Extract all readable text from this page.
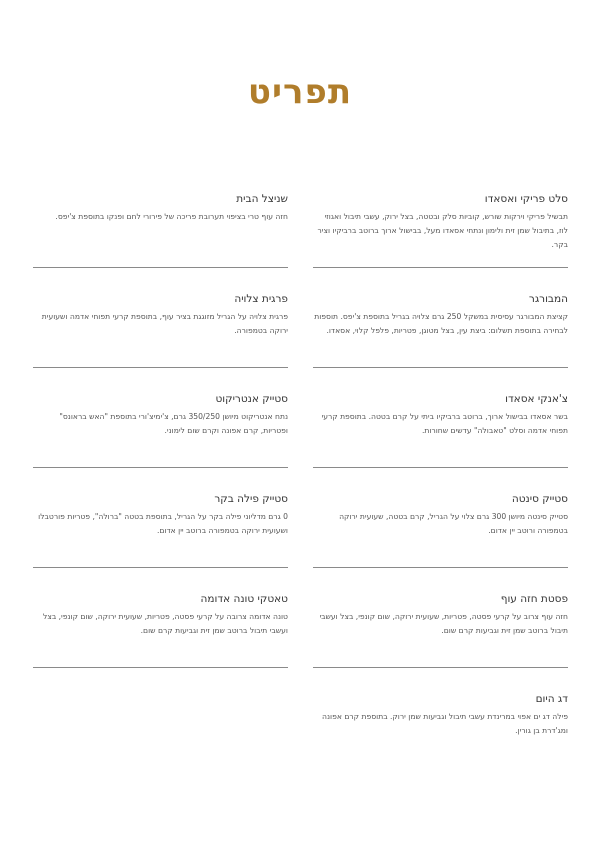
תפריט
סלט פריקי ואסאדו
תבשיל פריקי וירקות שורש, קוביות סלק ובטטה, בצל ירוק, עשבי תיבול ואגוזי לוז, בתיבול שמן זית ולימון ונתחי אסאדו מעל, בבישול ארוך ברוטב ברביקיו וציר בקר.
המבורגר
קציצת המבורגר עסיסית במשקל 250 גרם צלויה בגריל בתוספת צ'יפס. תוספות לבחירה בתוספת תשלום: ביצת עין, בצל מטוגן, פטריות, פלפל קלוי, אסאדו.
צ'אנקי אסאדו
בשר אסאדו בבישול ארוך, ברוטב ברביקיו ביתי על קרם בטטה. בתוספת קרעי תפוחי אדמה וסלט "טאבולה" עדשים שחורות.
סטייק סינטה
סטייק סינטה מיושן 300 גרם צלוי על הגריל, קרם בטטה, שעועית ירוקה בטמפורה ורוטב יין אדום.
פסטת חזה עוף
חזה עוף צרוב על קרעי פסטה, פטריות, שעועית ירוקה, שום קונפי, בצל ועשבי תיבול ברוטב שמן זית וגביעות קרם שום.
דג היום
פילה דג ים אפוי במרינדת עשבי תיבול וגביעות שמן ירוק. בתוספת קרם אפונה ומג'דרת בן גורין.
שניצל הבית
חזה עוף טרי בציפוי תערובת פריכה של פירורי לחם ופנקו בתוספת צ'יפס.
פרגית צלויה
פרגית צלויה על הגריל מזוגגת בציר עוף, בתוספת קרעי תפוחי אדמה ושעועית ירוקה בטמפורה.
סטייק אנטריקוט
נתח אנטריקוט מיושן 350/250 גרם, צ'ימיצ'ורי בתוספת "האש בראונס" ופטריות, קרם אפונה וקרם שום לימוני.
סטייק פילה בקר
0 גרם מדליוני פילה בקר על הגריל, בתוספת בטטה "ברולה", פטריות פורטבלו ושעועית ירוקה בטמפורה ברוטב יין אדום.
טאטקי טונה אדומה
טונה אדומה צרובה על קרעי פסטה, פטריות, שעועית ירוקה, שום קונפי, בצל ועשבי תיבול ברוטב שמן זית וגביעות קרם שום.
